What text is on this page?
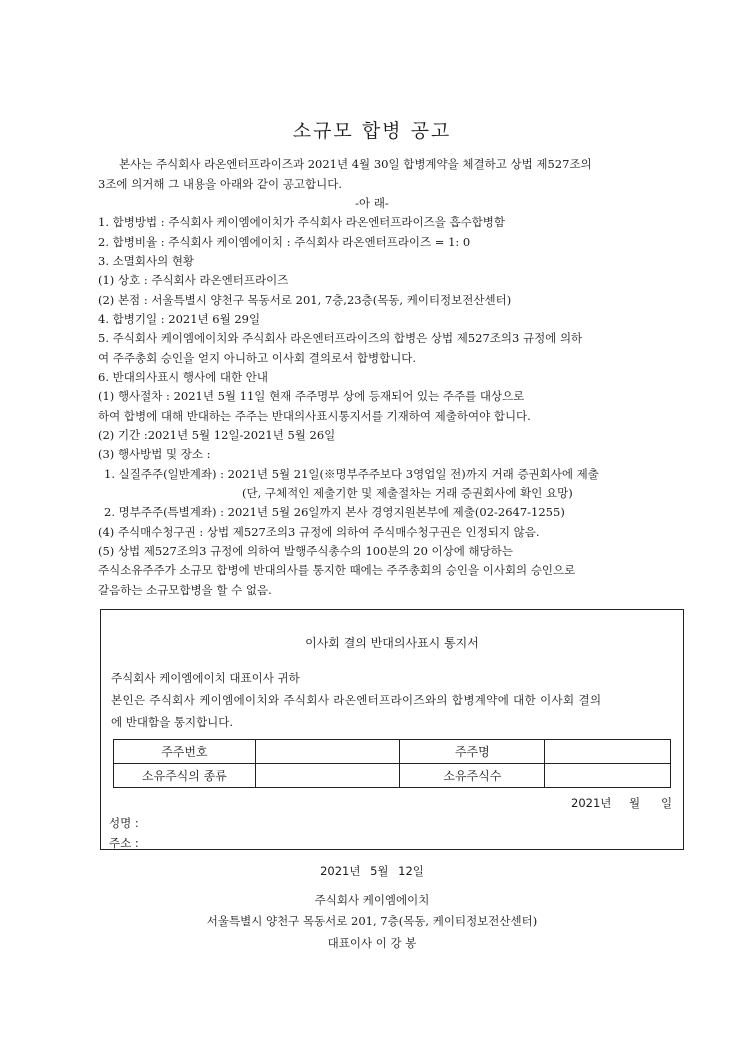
소규모 합병 공고
본사는 주식회사 라온엔터프라이즈과 2021년 4월 30일 합병계약을 체결하고 상법 제527조의
3조에 의거해 그 내용을 아래와 같이 공고합니다.
-아 래-
1. 합병방법 : 주식회사 케이엠에이치가 주식회사 라온엔터프라이즈을 흡수합병함
2. 합병비율 : 주식회사 케이엠에이치 : 주식회사 라온엔터프라이즈 = 1: 0
3. 소멸회사의 현황
(1) 상호 : 주식회사 라온엔터프라이즈
(2) 본점 : 서울특별시 양천구 목동서로 201, 7층,23층(목동, 케이티정보전산센터)
4. 합병기일 : 2021년 6월 29일
5. 주식회사 케이엠에이치와 주식회사 라온엔터프라이즈의 합병은 상법 제527조의3 규정에 의하
여 주주총회 승인을 얻지 아니하고 이사회 결의로서 합병합니다.
6. 반대의사표시 행사에 대한 안내
(1) 행사절차 : 2021년 5월 11일 현재 주주명부 상에 등재되어 있는 주주를 대상으로
하여 합병에 대해 반대하는 주주는 반대의사표시통지서를 기재하여 제출하여야 합니다.
(2) 기간 :2021년 5월 12일-2021년 5월 26일
(3) 행사방법 및 장소 :
1. 실질주주(일반계좌) : 2021년 5월 21일(※명부주주보다 3영업일 전)까지 거래 증권회사에 제출
(단, 구체적인 제출기한 및 제출절차는 거래 증권회사에 확인 요망)
2. 명부주주(특별계좌) : 2021년 5월 26일까지 본사 경영지원본부에 제출(02-2647-1255)
(4) 주식매수청구권 : 상법 제527조의3 규정에 의하여 주식매수청구권은 인정되지 않음.
(5) 상법 제527조의3 규정에 의하여 발행주식총수의 100분의 20 이상에 해당하는
주식소유주주가 소규모 합병에 반대의사를 통지한 때에는 주주총회의 승인을 이사회의 승인으로
갈음하는 소규모합병을 할 수 없음.
이사회 결의 반대의사표시 통지서
주식회사 케이엠에이치 대표이사 귀하
본인은 주식회사 케이엠에이치와 주식회사 라온엔터프라이즈와의 합병계약에 대한 이사회 결의
에 반대함을 통지합니다.
주주번호		주주명	
소유주식의 종류		소유주식수	
2021년 월 일
성명 :
주소 :
2021년 5월 12일
주식회사 케이엠에이치
서울특별시 양천구 목동서로 201, 7층(목동, 케이티정보전산센터)
대표이사 이 강 봉
